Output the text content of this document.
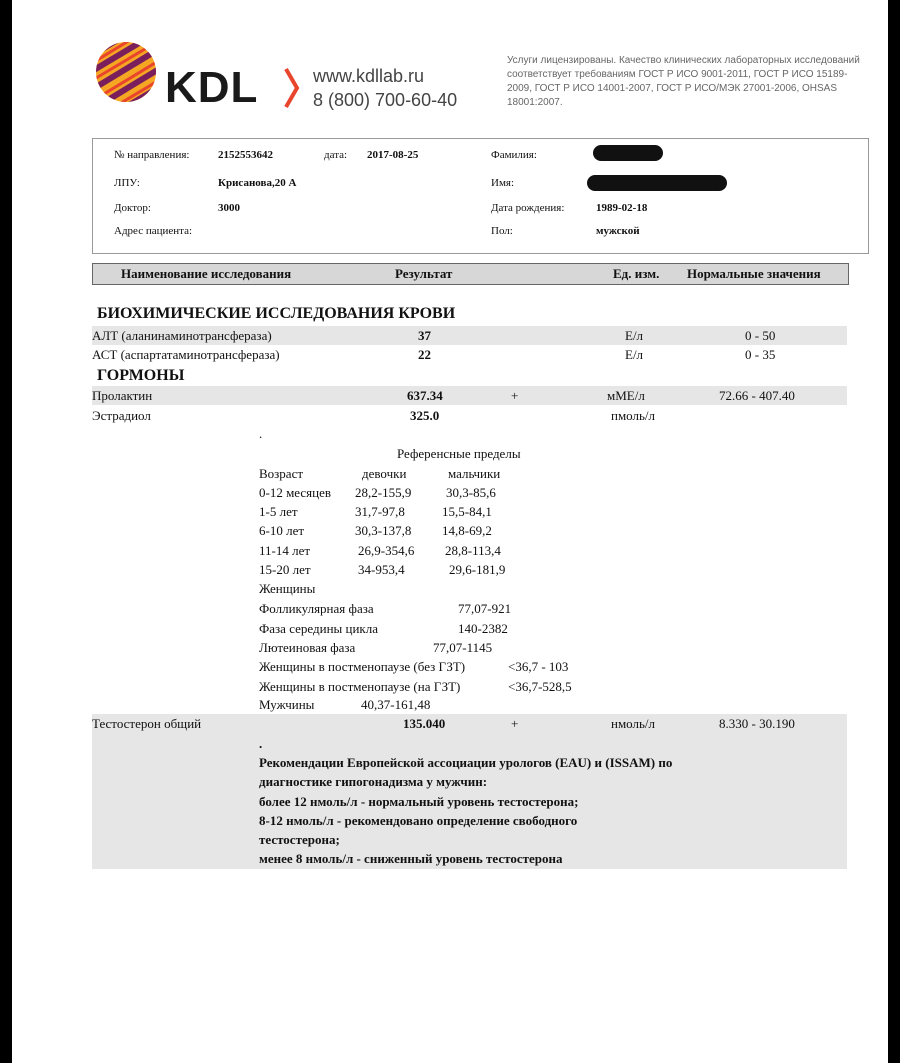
KDL	www.kdllab.ru
8 (800) 700-60-40
Услуги лицензированы. Качество клинических лабораторных исследований соответствует требованиям ГОСТ Р ИСО 9001-2011, ГОСТ Р ИСО 15189-2009, ГОСТ Р ИСО 14001-2007, ГОСТ Р ИСО/МЭК 27001-2006, OHSAS 18001:2007.
№ направления:	2152553642	дата: 2017-08-25	Фамилия:
ЛПУ:	Крисанова,20 А	Имя:
Доктор:	3000	Дата рождения:	1989-02-18
Адрес пациента:	Пол:	мужской
Наименование исследования	Результат	Ед. изм. Нормальные значения
БИОХИМИЧЕСКИЕ ИССЛЕДОВАНИЯ КРОВИ
АЛТ (аланинаминотрансфераза)	37	Е/л	0 - 50
АСТ (аспартатаминотрансфераза)	22	Е/л	0 - 35
ГОРМОНЫ
Пролактин	637.34	+	мМЕ/л	72.66 - 407.40
Эстрадиол	325.0	пмоль/л
.
Референсные пределы
Возраст	девочки	мальчики
0-12 месяцев 28,2-155,9	30,3-85,6
1-5 лет	31,7-97,8	15,5-84,1
6-10 лет	30,3-137,8 14,8-69,2
11-14 лет	26,9-354,6 28,8-113,4
15-20 лет	34-953,4	29,6-181,9
Женщины
Фолликулярная фаза	77,07-921
Фаза середины цикла	140-2382
Лютеиновая фаза	77,07-1145
Женщины в постменопаузе (без ГЗТ)	<36,7 - 103
Женщины в постменопаузе (на ГЗТ)	<36,7-528,5
Мужчины	40,37-161,48
Тестостерон общий	135.040	+	нмоль/л	8.330 - 30.190
.
Рекомендации Европейской ассоциации урологов (EAU) и (ISSAM) по
диагностике гипогонадизма у мужчин:
более 12 нмоль/л - нормальный уровень тестостерона;
8-12 нмоль/л - рекомендовано определение свободного
тестостерона;
менее 8 нмоль/л - сниженный уровень тестостерона
